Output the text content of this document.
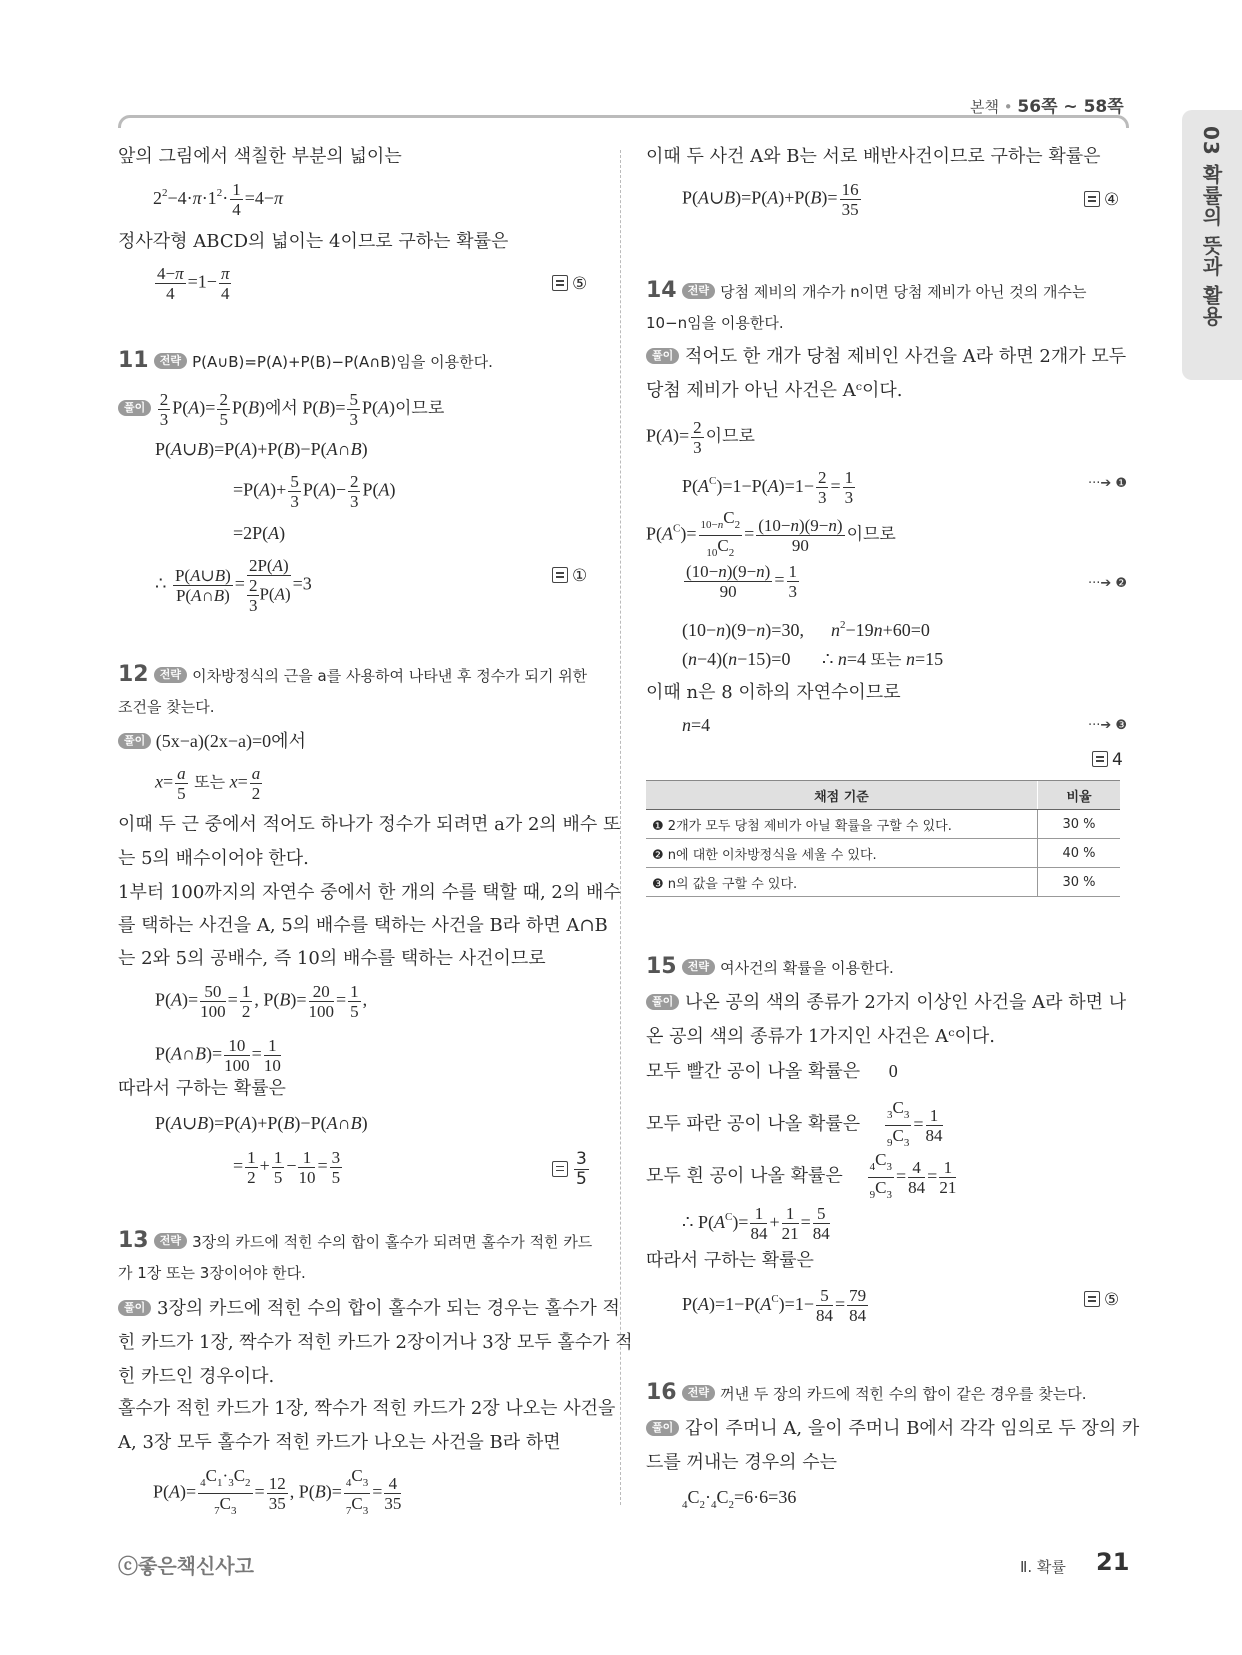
본책 • 56쪽 ~ 58쪽
03 확률의 뜻과 활용
앞의 그림에서 색칠한 부분의 넓이는
$2^2-4\cdot\pi\cdot 1^2\cdot \frac{1}{4} =4-\pi$
정사각형 ABCD의 넓이는 4이므로 구하는 확률은
$\frac{4-\pi}{4} =1- \frac{\pi}{4}$	⑤
11 전략 P(A∪B)=P(A)+P(B)−P(A∩B)임을 이용한다.
풀이 $\frac{2}{3} P(A)= \frac{2}{5} P(B)$에서 $P(B)= \frac{5}{3} P(A)$이므로
P(A∪B)=P(A)+P(B)−P(A∩B)
$=P(A)+ \frac{5}{3} P(A)- \frac{2}{3} P(A)$
=2P(A)
∴ $\frac{P(A\cup B)}{P(A\cap B)} = \frac{2P(A)}{\frac{2}{3} P(A)} =3$	①
12 전략 이차방정식의 근을 a를 사용하여 나타낸 후 정수가 되기 위한
조건을 찾는다.
풀이 (5x−a)(2x−a)=0에서
$x= \frac{a}{5}$ 또는 $x= \frac{a}{2}$
이때 두 근 중에서 적어도 하나가 정수가 되려면 a가 2의 배수 또
는 5의 배수이어야 한다.
1부터 100까지의 자연수 중에서 한 개의 수를 택할 때, 2의 배수
를 택하는 사건을 A, 5의 배수를 택하는 사건을 B라 하면 A∩B
는 2와 5의 공배수, 즉 10의 배수를 택하는 사건이므로
$P(A)= \frac{50}{100} = \frac{1}{2}$ , $P(B)= \frac{20}{100} = \frac{1}{5}$ ,
P(A∩B)= $\frac{10}{100} = \frac{1}{10}$
따라서 구하는 확률은
P(A∪B)=P(A)+P(B)−P(A∩B)
= $\frac{1}{2} + \frac{1}{5} - \frac{1}{10} = \frac{3}{5}$	$\frac{3}{5}$
13 전략 3장의 카드에 적힌 수의 합이 홀수가 되려면 홀수가 적힌 카드
가 1장 또는 3장이어야 한다.
풀이 3장의 카드에 적힌 수의 합이 홀수가 되는 경우는 홀수가 적
힌 카드가 1장, 짝수가 적힌 카드가 2장이거나 3장 모두 홀수가 적
힌 카드인 경우이다.
홀수가 적힌 카드가 1장, 짝수가 적힌 카드가 2장 나오는 사건을
A, 3장 모두 홀수가 적힌 카드가 나오는 사건을 B라 하면
$P(A)= \frac{_4C_1\cdot_3C_2}{_7C_3} = \frac{12}{35}$ , $P(B)= \frac{_4C_3}{_7C_3} = \frac{4}{35}$
이때 두 사건 A와 B는 서로 배반사건이므로 구하는 확률은
P(A∪B)=P(A)+P(B)= $\frac{16}{35}$	④
14 전략 당첨 제비의 개수가 n이면 당첨 제비가 아닌 것의 개수는
10−n임을 이용한다.
풀이 적어도 한 개가 당첨 제비인 사건을 A라 하면 2개가 모두
당첨 제비가 아닌 사건은 Aᶜ이다.
$P(A)= \frac{2}{3}$ 이므로
$P(A^C)=1-P(A)=1- \frac{2}{3} = \frac{1}{3}$	···➔ ❶
$P(A^C)= \frac{_{10-n}C_2}{_{10}C_2} = \frac{(10-n)(9-n)}{90}$ 이므로
$\frac{(10-n)(9-n)}{90} = \frac{1}{3}$	···➔ ❷
(10−n)(9−n)=30,      $n^2-19n+60=0$
(n−4)(n−15)=0       ∴ n=4 또는 n=15
이때 n은 8 이하의 자연수이므로
n=4	···➔ ❸
4
채점 기준	비율
❶ 2개가 모두 당첨 제비가 아닐 확률을 구할 수 있다.	30 %
❷ n에 대한 이차방정식을 세울 수 있다.	40 %
❸ n의 값을 구할 수 있다.	30 %
15 전략 여사건의 확률을 이용한다.
풀이 나온 공의 색의 종류가 2가지 이상인 사건을 A라 하면 나
온 공의 색의 종류가 1가지인 사건은 Aᶜ이다.
모두 빨간 공이 나올 확률은 0
모두 파란 공이 나올 확률은 $\frac{_3C_3}{_9C_3} = \frac{1}{84}$
모두 흰 공이 나올 확률은 $\frac{_4C_3}{_9C_3} = \frac{4}{84} = \frac{1}{21}$
∴ $P(A^C)= \frac{1}{84} + \frac{1}{21} = \frac{5}{84}$
따라서 구하는 확률은
$P(A)=1-P(A^C)=1- \frac{5}{84} = \frac{79}{84}$	⑤
16 전략 꺼낸 두 장의 카드에 적힌 수의 합이 같은 경우를 찾는다.
풀이 갑이 주머니 A, 을이 주머니 B에서 각각 임의로 두 장의 카
드를 꺼내는 경우의 수는
$_4C_2\cdot_4C_2=6\cdot 6=36$
ⓒ좋은책신사고	Ⅱ. 확률 21
